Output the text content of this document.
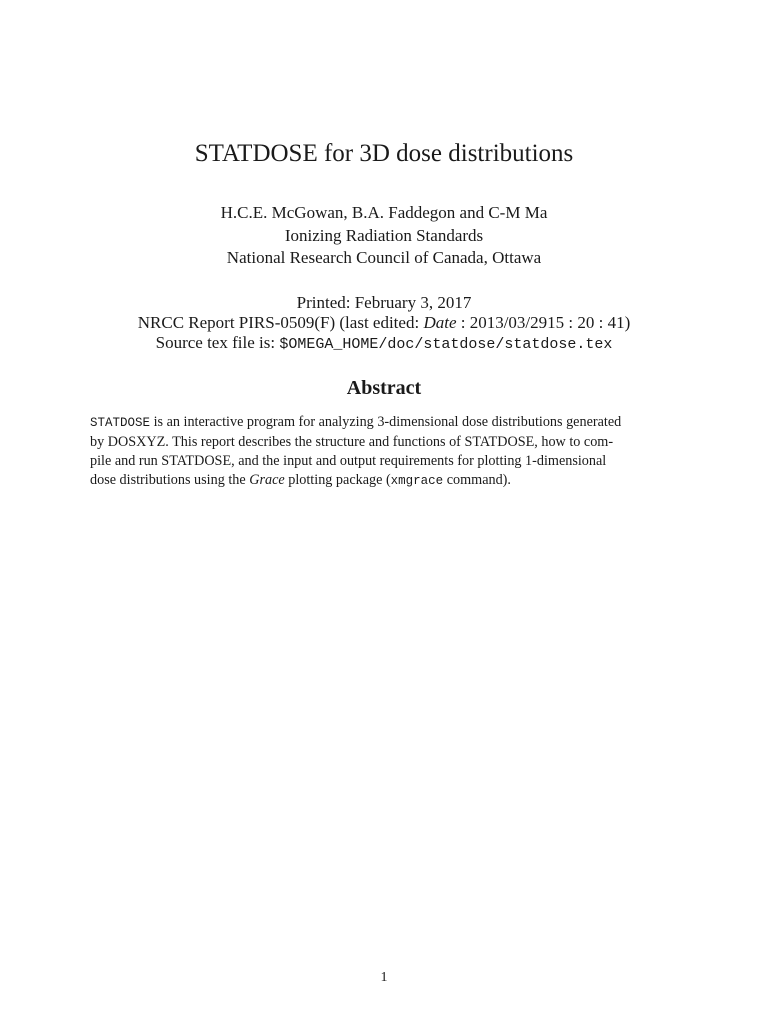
STATDOSE for 3D dose distributions
H.C.E. McGowan, B.A. Faddegon and C-M Ma
Ionizing Radiation Standards
National Research Council of Canada, Ottawa
Printed: February 3, 2017
NRCC Report PIRS-0509(F) (last edited: Date : 2013/03/2915 : 20 : 41)
Source tex file is: $OMEGA_HOME/doc/statdose/statdose.tex
Abstract
STATDOSE is an interactive program for analyzing 3-dimensional dose distributions generated
by DOSXYZ. This report describes the structure and functions of STATDOSE, how to com-
pile and run STATDOSE, and the input and output requirements for plotting 1-dimensional
dose distributions using the Grace plotting package (xmgrace command).
1
